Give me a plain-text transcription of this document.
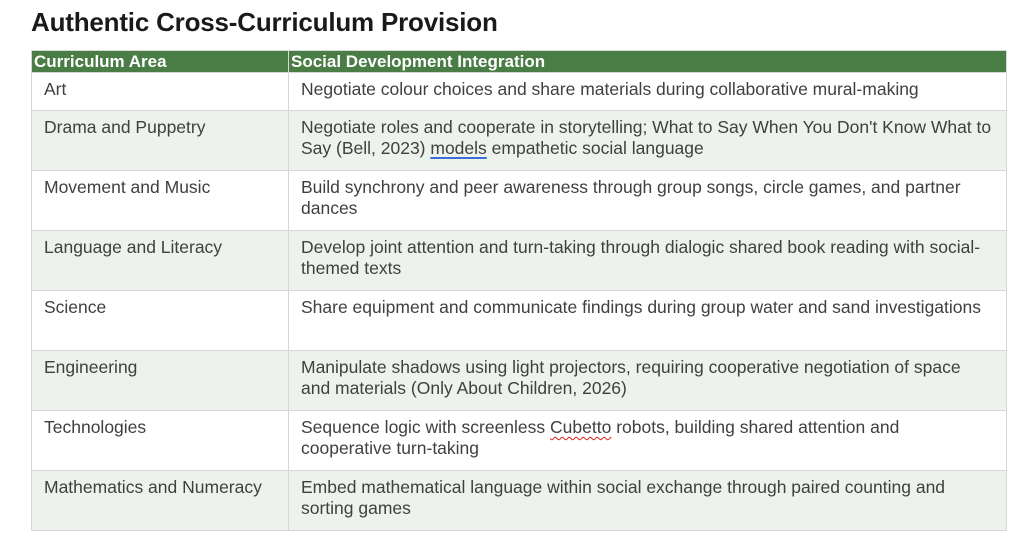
Authentic Cross-Curriculum Provision
Curriculum Area	Social Development Integration
Art	Negotiate colour choices and share materials during collaborative mural-making
Drama and Puppetry	Negotiate roles and cooperate in storytelling; What to Say When You Don't Know What to Say (Bell, 2023) models empathetic social language
Movement and Music	Build synchrony and peer awareness through group songs, circle games, and partner dances
Language and Literacy	Develop joint attention and turn-taking through dialogic shared book reading with social-themed texts
Science	Share equipment and communicate findings during group water and sand investigations
Engineering	Manipulate shadows using light projectors, requiring cooperative negotiation of space and materials (Only About Children, 2026)
Technologies	Sequence logic with screenless Cubetto robots, building shared attention and cooperative turn-taking
Mathematics and Numeracy	Embed mathematical language within social exchange through paired counting and sorting games
